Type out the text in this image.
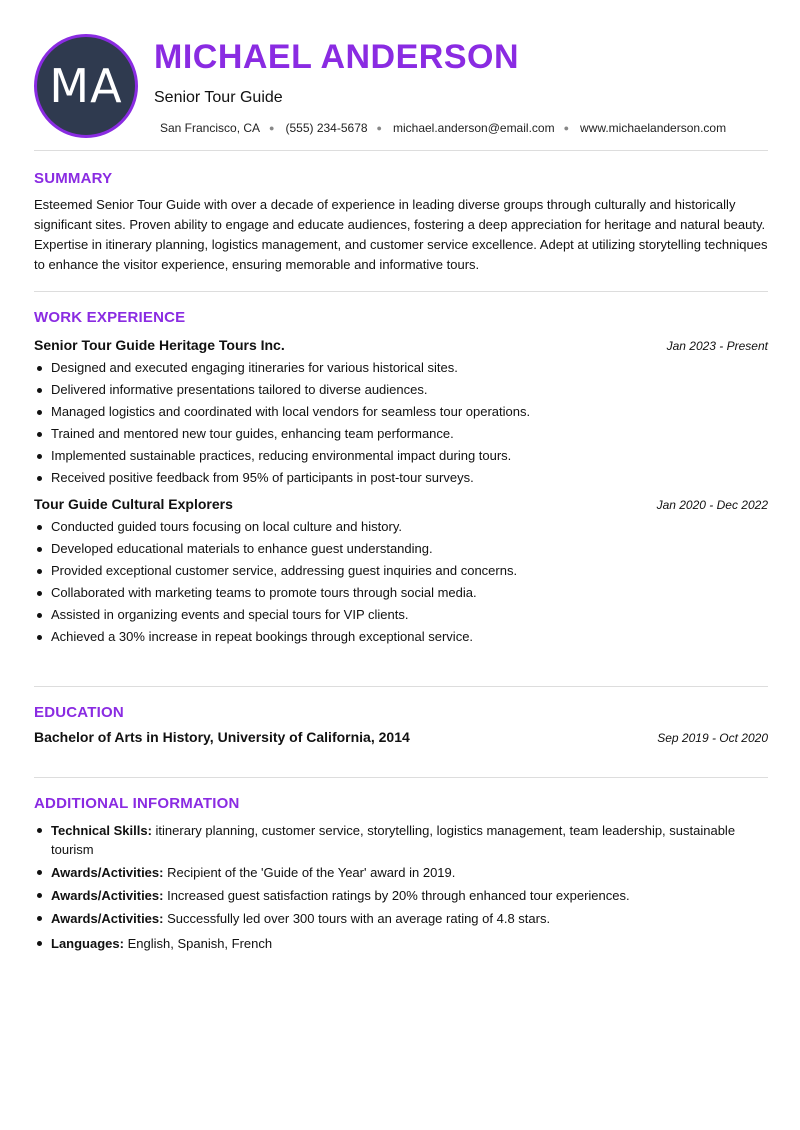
MA
MICHAEL ANDERSON
Senior Tour Guide
San Francisco, CA ● (555) 234-5678 ● michael.anderson@email.com ● www.michaelanderson.com
SUMMARY

Esteemed Senior Tour Guide with over a decade of experience in leading diverse groups through culturally and historically significant sites. Proven ability to engage and educate audiences, fostering a deep appreciation for heritage and natural beauty. Expertise in itinerary planning, logistics management, and customer service excellence. Adept at utilizing storytelling techniques to enhance the visitor experience, ensuring memorable and informative tours.

WORK EXPERIENCE
Senior Tour Guide Heritage Tours Inc.	Jan 2023 - Present
Designed and executed engaging itineraries for various historical sites.
Delivered informative presentations tailored to diverse audiences.
Managed logistics and coordinated with local vendors for seamless tour operations.
Trained and mentored new tour guides, enhancing team performance.
Implemented sustainable practices, reducing environmental impact during tours.
Received positive feedback from 95% of participants in post-tour surveys.
Tour Guide Cultural Explorers	Jan 2020 - Dec 2022
Conducted guided tours focusing on local culture and history.
Developed educational materials to enhance guest understanding.
Provided exceptional customer service, addressing guest inquiries and concerns.
Collaborated with marketing teams to promote tours through social media.
Assisted in organizing events and special tours for VIP clients.
Achieved a 30% increase in repeat bookings through exceptional service.
EDUCATION
Bachelor of Arts in History, University of California, 2014	Sep 2019 - Oct 2020
ADDITIONAL INFORMATION
Technical Skills: itinerary planning, customer service, storytelling, logistics management, team leadership, sustainable tourism
Awards/Activities: Recipient of the 'Guide of the Year' award in 2019.
Awards/Activities: Increased guest satisfaction ratings by 20% through enhanced tour experiences.
Awards/Activities: Successfully led over 300 tours with an average rating of 4.8 stars.
Languages: English, Spanish, French
